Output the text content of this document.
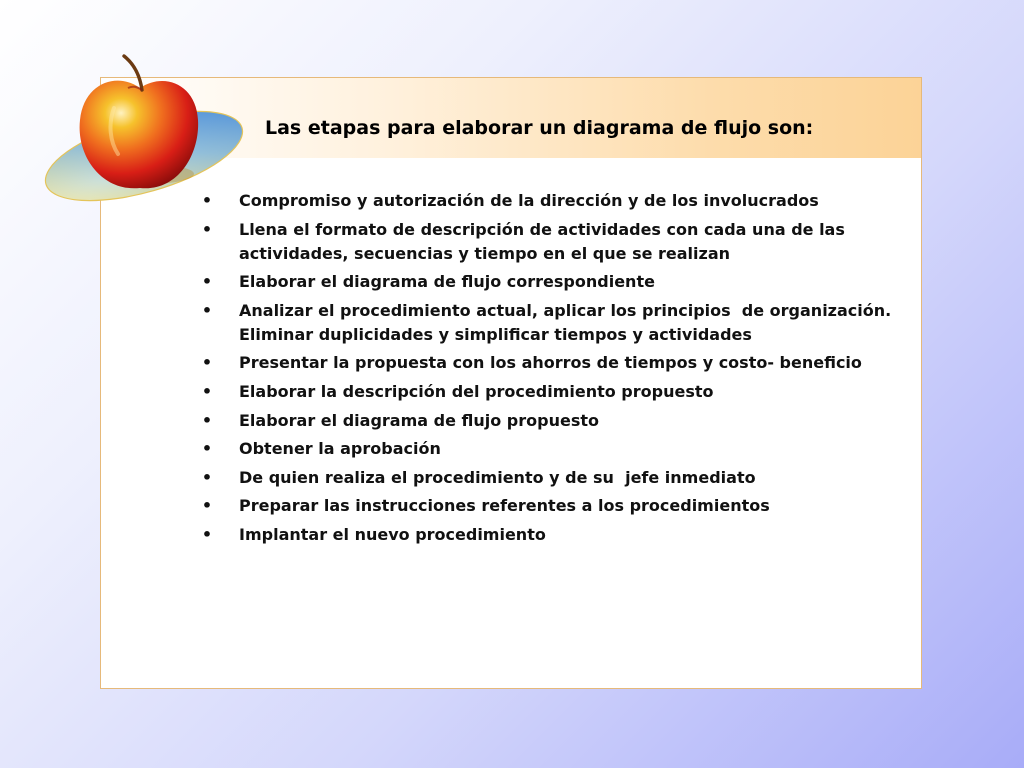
Las etapas para elaborar un diagrama de flujo son:
• Compromiso y autorización de la dirección y de los involucrados
• Llena el formato de descripción de actividades con cada una de las actividades, secuencias y tiempo en el que se realizan
• Elaborar el diagrama de flujo correspondiente
• Analizar el procedimiento actual, aplicar los principios  de organización. Eliminar duplicidades y simplificar tiempos y actividades
• Presentar la propuesta con los ahorros de tiempos y costo- beneficio
• Elaborar la descripción del procedimiento propuesto
• Elaborar el diagrama de flujo propuesto
• Obtener la aprobación
• De quien realiza el procedimiento y de su  jefe inmediato
• Preparar las instrucciones referentes a los procedimientos
• Implantar el nuevo procedimiento
